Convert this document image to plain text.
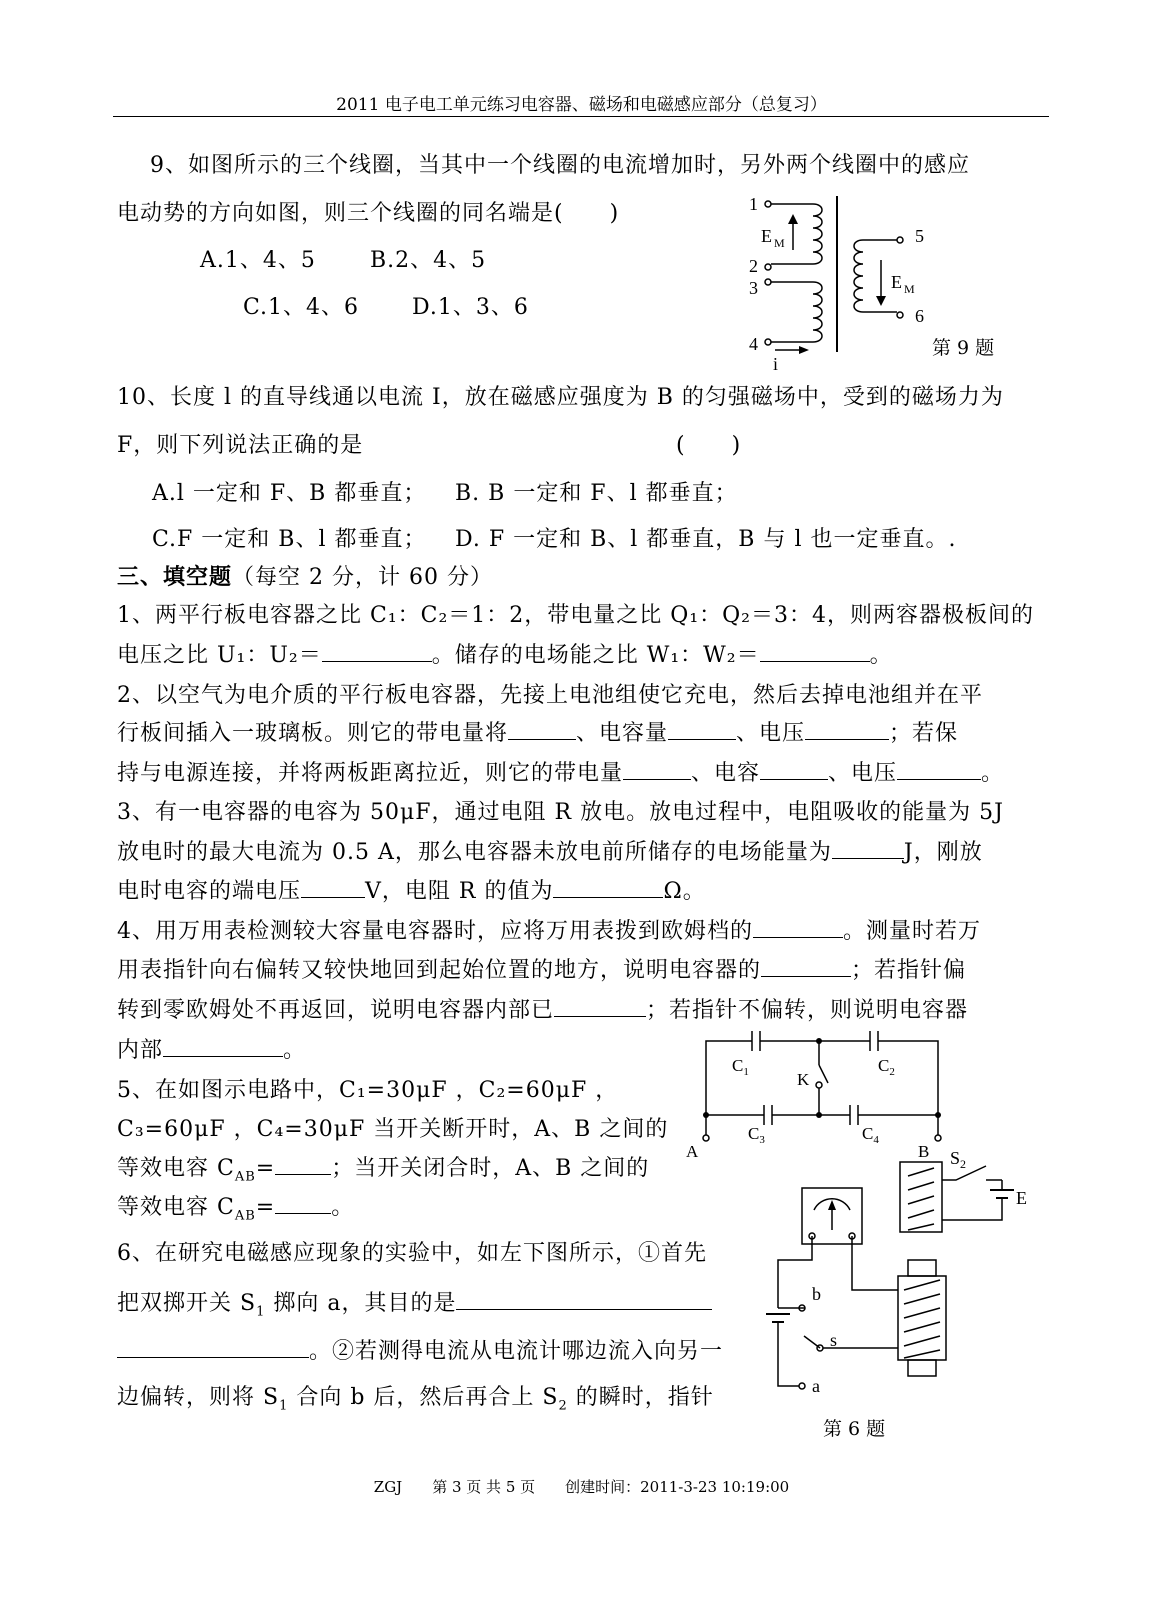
2011 电子电工单元练习电容器、磁场和电磁感应部分（总复习）
9、如图所示的三个线圈，当其中一个线圈的电流增加时，另外两个线圈中的感应
电动势的方向如图，则三个线圈的同名端是(　　)
A.1、4、5 B.2、4、5
C.1、4、6 D.1、3、6
1
2
3
4
5
6
E M
E M
i
第 9 题
10、长度 l 的直导线通以电流 I，放在磁感应强度为 B 的匀强磁场中，受到的磁场力为
F，则下列说法正确的是	(　　)
A.l 一定和 F、B 都垂直； B. B 一定和 F、l 都垂直；
C.F 一定和 B、l 都垂直； D. F 一定和 B、l 都垂直，B 与 l 也一定垂直。.
三、填空题（每空 2 分，计 60 分）
1、两平行板电容器之比 C₁：C₂＝1：2，带电量之比 Q₁：Q₂＝3：4，则两容器极板间的
电压之比 U₁：U₂＝	。储存的电场能之比 W₁：W₂＝	。
2、以空气为电介质的平行板电容器，先接上电池组使它充电，然后去掉电池组并在平
行板间插入一玻璃板。则它的带电量将	、电容量	、电压	；若保
持与电源连接，并将两板距离拉近，则它的带电量	、电容	、电压	。
3、有一电容器的电容为 50μF，通过电阻 R 放电。放电过程中，电阻吸收的能量为 5J
放电时的最大电流为 0.5 A，那么电容器未放电前所储存的电场能量为	J，刚放
电时电容的端电压	V，电阻 R 的值为	Ω。
4、用万用表检测较大容量电容器时，应将万用表拨到欧姆档的	。测量时若万
用表指针向右偏转又较快地回到起始位置的地方，说明电容器的	；若指针偏
转到零欧姆处不再返回，说明电容器内部已	；若指针不偏转，则说明电容器
内部	。
5、在如图示电路中，C₁=30μF ，C₂=60μF ，
C₃=60μF ，C₄=30μF 当开关断开时，A、B 之间的
等效电容 $C_{AB}=$	；当开关闭合时，A、B 之间的
等效电容 $C_{AB}=$	。
$C_1$	$C_2$
$C_3$	$C_4$
K
A	B
6、在研究电磁感应现象的实验中，如左下图所示，①首先
把双掷开关 $S_1$ 掷向 a，其目的是
。②若测得电流从电流计哪边流入向另一
边偏转，则将 $S_1$ 合向 b 后，然后再合上 $S_2$ 的瞬时，指针
$S_2$
E
b
s
a
第 6 题
ZGJ　　第 3 页 共 5 页　　创建时间：2011-3-23 10:19:00
